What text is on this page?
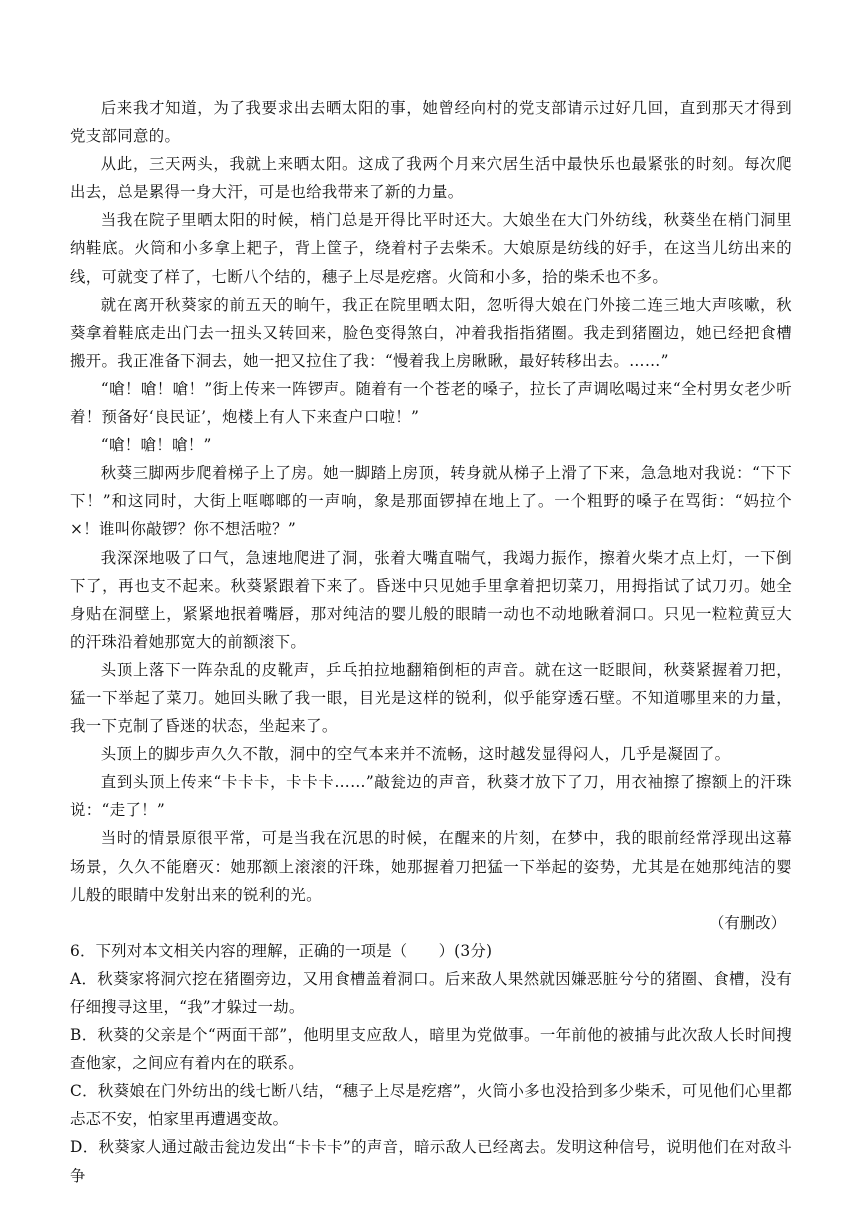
后来我才知道，为了我要求出去晒太阳的事，她曾经向村的党支部请示过好几回，直到那天才得到党支部同意的。

从此，三天两头，我就上来晒太阳。这成了我两个月来穴居生活中最快乐也最紧张的时刻。每次爬出去，总是累得一身大汗，可是也给我带来了新的力量。

当我在院子里晒太阳的时候，梢门总是开得比平时还大。大娘坐在大门外纺线，秋葵坐在梢门洞里纳鞋底。火筒和小多拿上耙子，背上筐子，绕着村子去柴禾。大娘原是纺线的好手，在这当儿纺出来的线，可就变了样了，七断八个结的，穗子上尽是疙瘩。火筒和小多，拾的柴禾也不多。

就在离开秋葵家的前五天的晌午，我正在院里晒太阳，忽听得大娘在门外接二连三地大声咳嗽，秋葵拿着鞋底走出门去一扭头又转回来，脸色变得煞白，冲着我指指猪圈。我走到猪圈边，她已经把食槽搬开。我正准备下洞去，她一把又拉住了我：“慢着我上房瞅瞅，最好转移出去。……”

“嗆！嗆！嗆！”街上传来一阵锣声。随着有一个苍老的嗓子，拉长了声调吆喝过来“全村男女老少听着！预备好‘良民证’，炮楼上有人下来查户口啦！”

“嗆！嗆！嗆！”

秋葵三脚两步爬着梯子上了房。她一脚踏上房顶，转身就从梯子上滑了下来，急急地对我说：“下下下！”和这同时，大街上哐啷啷的一声响，象是那面锣掉在地上了。一个粗野的嗓子在骂街：“妈拉个×！谁叫你敲锣？你不想活啦？”

我深深地吸了口气，急速地爬进了洞，张着大嘴直喘气，我竭力振作，擦着火柴才点上灯，一下倒下了，再也支不起来。秋葵紧跟着下来了。昏迷中只见她手里拿着把切菜刀，用拇指试了试刀刃。她全身贴在洞壁上，紧紧地抿着嘴唇，那对纯洁的婴儿般的眼睛一动也不动地瞅着洞口。只见一粒粒黄豆大的汗珠沿着她那宽大的前额滚下。

头顶上落下一阵杂乱的皮靴声，乒乓拍拉地翻箱倒柜的声音。就在这一眨眼间，秋葵紧握着刀把，猛一下举起了菜刀。她回头瞅了我一眼，目光是这样的锐利，似乎能穿透石壁。不知道哪里来的力量，我一下克制了昏迷的状态，坐起来了。

头顶上的脚步声久久不散，洞中的空气本来并不流畅，这时越发显得闷人，几乎是凝固了。

直到头顶上传来“卡卡卡，卡卡卡……”敲瓮边的声音，秋葵才放下了刀，用衣袖擦了擦额上的汗珠说：“走了！”

当时的情景原很平常，可是当我在沉思的时候，在醒来的片刻，在梦中，我的眼前经常浮现出这幕场景，久久不能磨灭：她那额上滚滚的汗珠，她那握着刀把猛一下举起的姿势，尤其是在她那纯洁的婴儿般的眼睛中发射出来的锐利的光。

（有删改）

6．下列对本文相关内容的理解，正确的一项是（　　）(3分)

A．秋葵家将洞穴挖在猪圈旁边，又用食槽盖着洞口。后来敌人果然就因嫌恶脏兮兮的猪圈、食槽，没有仔细搜寻这里，“我”才躲过一劫。

B．秋葵的父亲是个“两面干部”，他明里支应敌人，暗里为党做事。一年前他的被捕与此次敌人长时间搜查他家，之间应有着内在的联系。

C．秋葵娘在门外纺出的线七断八结，“穗子上尽是疙瘩”，火筒小多也没拾到多少柴禾，可见他们心里都忐忑不安，怕家里再遭遇变故。

D．秋葵家人通过敲击瓮边发出“卡卡卡”的声音，暗示敌人已经离去。发明这种信号，说明他们在对敌斗争
